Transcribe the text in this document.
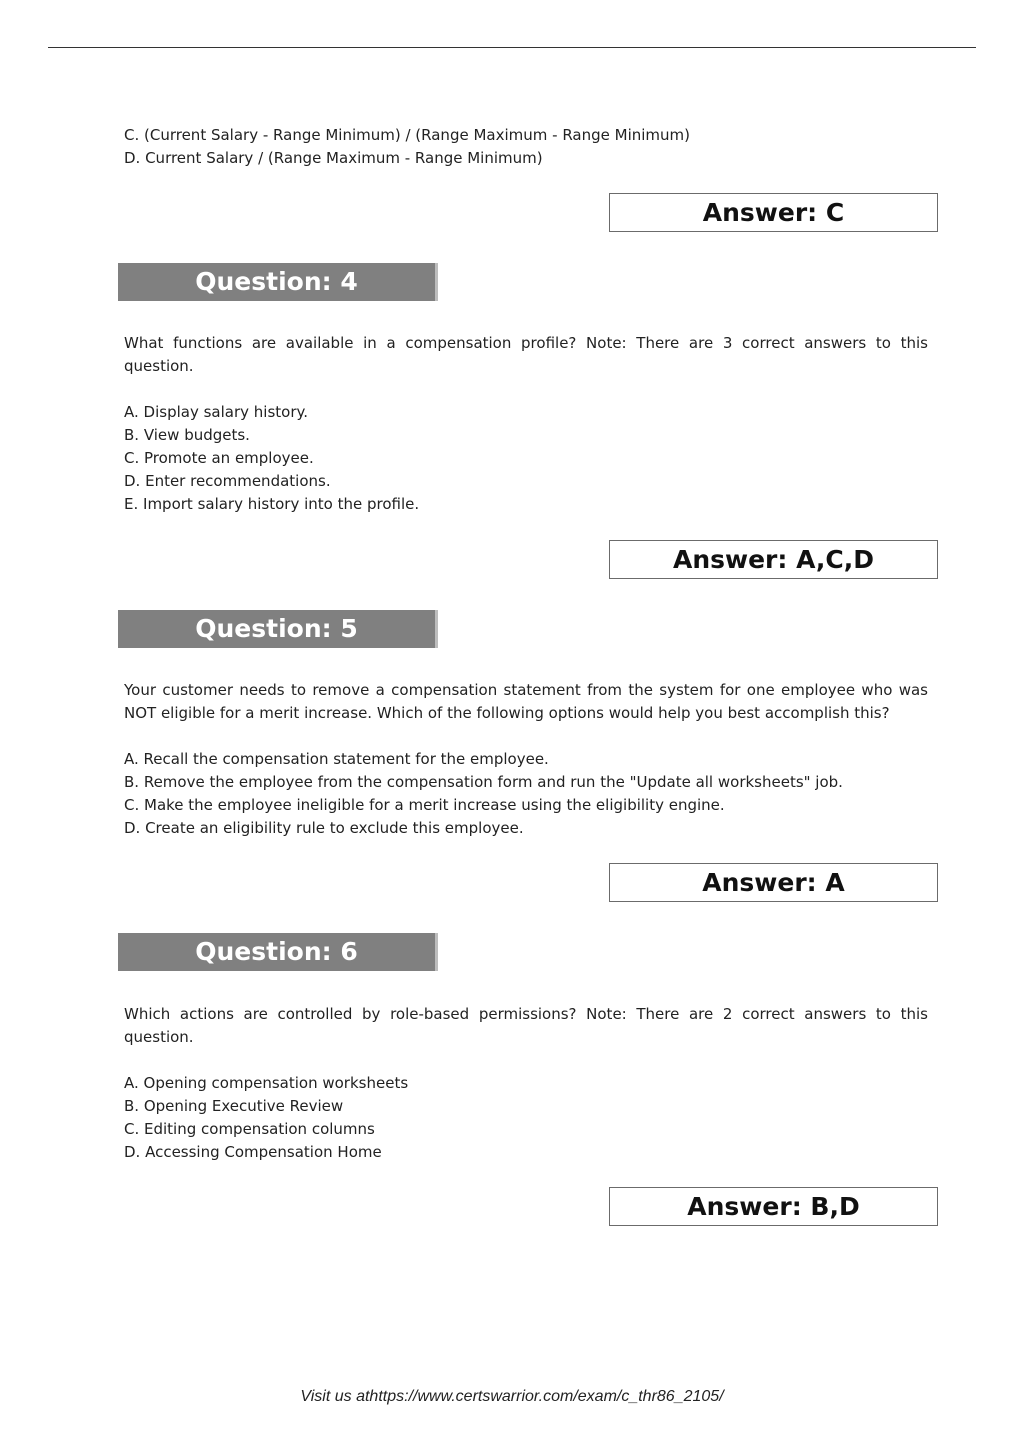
C. (Current Salary - Range Minimum) / (Range Maximum - Range Minimum)
D. Current Salary / (Range Maximum - Range Minimum)
Answer: C
Question: 4
What functions are available in a compensation profile? Note: There are 3 correct answers to this question.
A. Display salary history.
B. View budgets.
C. Promote an employee.
D. Enter recommendations.
E. Import salary history into the profile.
Answer: A,C,D
Question: 5
Your customer needs to remove a compensation statement from the system for one employee who was NOT eligible for a merit increase. Which of the following options would help you best accomplish this?
A. Recall the compensation statement for the employee.
B. Remove the employee from the compensation form and run the "Update all worksheets" job.
C. Make the employee ineligible for a merit increase using the eligibility engine.
D. Create an eligibility rule to exclude this employee.
Answer: A
Question: 6
Which actions are controlled by role-based permissions? Note: There are 2 correct answers to this question.
A. Opening compensation worksheets
B. Opening Executive Review
C. Editing compensation columns
D. Accessing Compensation Home
Answer: B,D
Visit us athttps://www.certswarrior.com/exam/c_thr86_2105/
